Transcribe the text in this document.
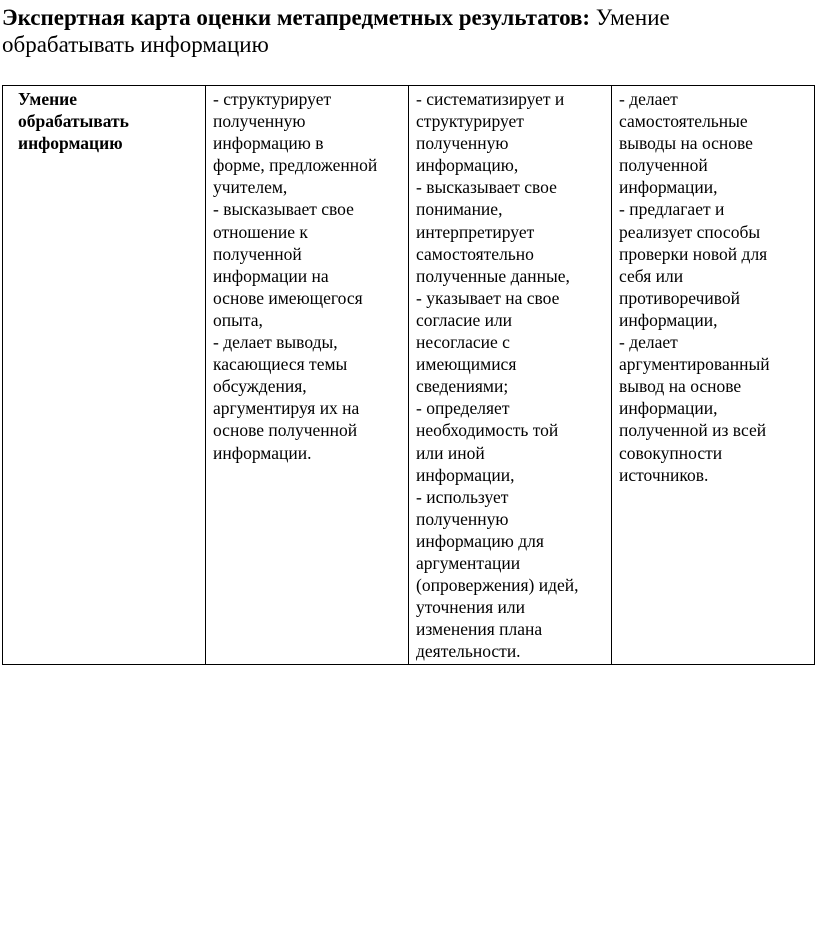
Экспертная карта оценки метапредметных результатов: Умение обрабатывать информацию
Умение
обрабатывать
информацию

- структурирует
полученную
информацию в
форме, предложенной
учителем,
- высказывает свое
отношение к
полученной
информации на
основе имеющегося
опыта,
- делает выводы,
касающиеся темы
обсуждения,
аргументируя их на
основе полученной
информации.

- систематизирует и
структурирует
полученную
информацию,
- высказывает свое
понимание,
интерпретирует
самостоятельно
полученные данные,
- указывает на свое
согласие или
несогласие с
имеющимися
сведениями;
- определяет
необходимость той
или иной
информации,
- использует
полученную
информацию для
аргументации
(опровержения) идей,
уточнения или
изменения плана
деятельности.

- делает
самостоятельные
выводы на основе
полученной
информации,
- предлагает и
реализует способы
проверки новой для
себя или
противоречивой
информации,
- делает
аргументированный
вывод на основе
информации,
полученной из всей
совокупности
источников.
